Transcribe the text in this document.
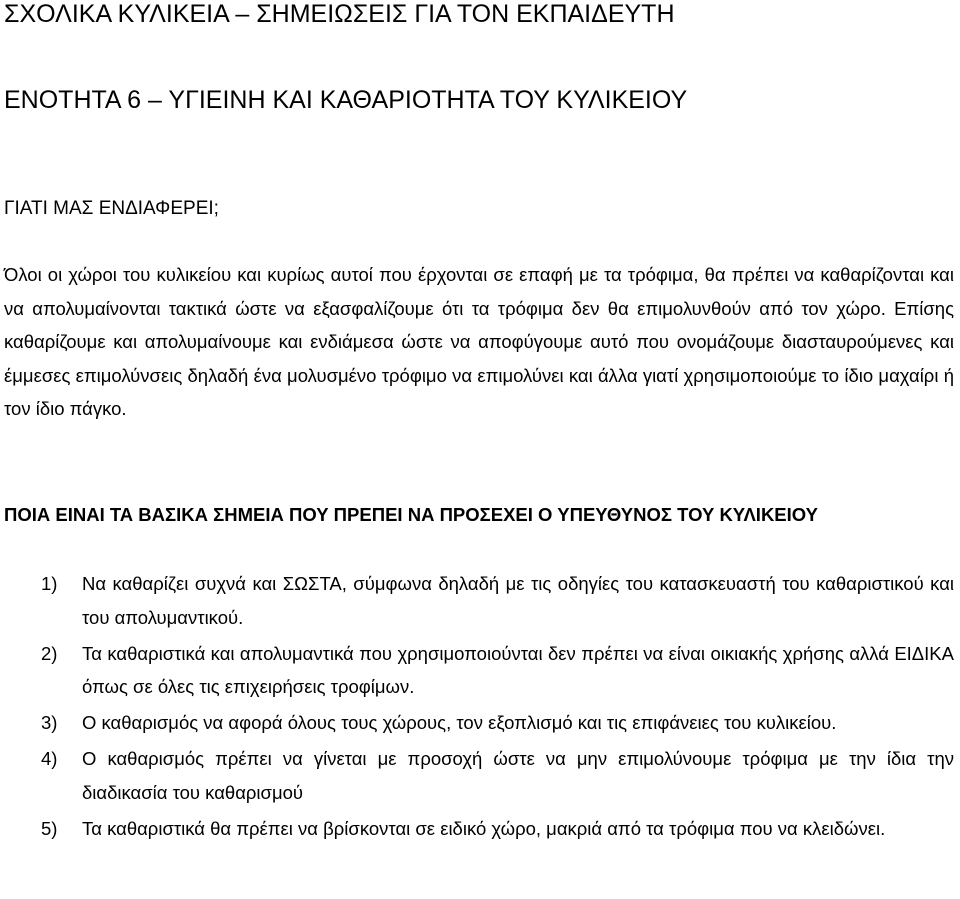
ΣΧΟΛΙΚΑ ΚΥΛΙΚΕΙΑ – ΣΗΜΕΙΩΣΕΙΣ ΓΙΑ ΤΟΝ ΕΚΠΑΙΔΕΥΤΗ
ΕΝΟΤΗΤΑ 6 – ΥΓΙΕΙΝΗ ΚΑΙ ΚΑΘΑΡΙΟΤΗΤΑ ΤΟΥ ΚΥΛΙΚΕΙΟΥ
ΓΙΑΤΙ ΜΑΣ ΕΝΔΙΑΦΕΡΕΙ;

Όλοι οι χώροι του κυλικείου και κυρίως αυτοί που έρχονται σε επαφή με τα τρόφιμα, θα πρέπει να καθαρίζονται και να απολυμαίνονται τακτικά ώστε να εξασφαλίζουμε ότι τα τρόφιμα δεν θα επιμολυνθούν από τον χώρο. Επίσης καθαρίζουμε και απολυμαίνουμε και ενδιάμεσα ώστε να αποφύγουμε αυτό που ονομάζουμε διασταυρούμενες και έμμεσες επιμολύνσεις δηλαδή ένα μολυσμένο τρόφιμο να επιμολύνει και άλλα γιατί χρησιμοποιούμε το ίδιο μαχαίρι ή τον ίδιο πάγκο.

ΠΟΙΑ ΕΙΝΑΙ ΤΑ ΒΑΣΙΚΑ ΣΗΜΕΙΑ ΠΟΥ ΠΡΕΠΕΙ ΝΑ ΠΡΟΣΕΧΕΙ Ο ΥΠΕΥΘΥΝΟΣ ΤΟΥ ΚΥΛΙΚΕΙΟΥ
1) Να καθαρίζει συχνά και ΣΩΣΤΑ, σύμφωνα δηλαδή με τις οδηγίες του κατασκευαστή του καθαριστικού και του απολυμαντικού.
2) Τα καθαριστικά και απολυμαντικά που χρησιμοποιούνται δεν πρέπει να είναι οικιακής χρήσης αλλά ΕΙΔΙΚΑ όπως σε όλες τις επιχειρήσεις τροφίμων.
3) Ο καθαρισμός να αφορά όλους τους χώρους, τον εξοπλισμό και τις επιφάνειες του κυλικείου.
4) Ο καθαρισμός πρέπει να γίνεται με προσοχή ώστε να μην επιμολύνουμε τρόφιμα με την ίδια την διαδικασία του καθαρισμού
5) Τα καθαριστικά θα πρέπει να βρίσκονται σε ειδικό χώρο, μακριά από τα τρόφιμα που να κλειδώνει.
